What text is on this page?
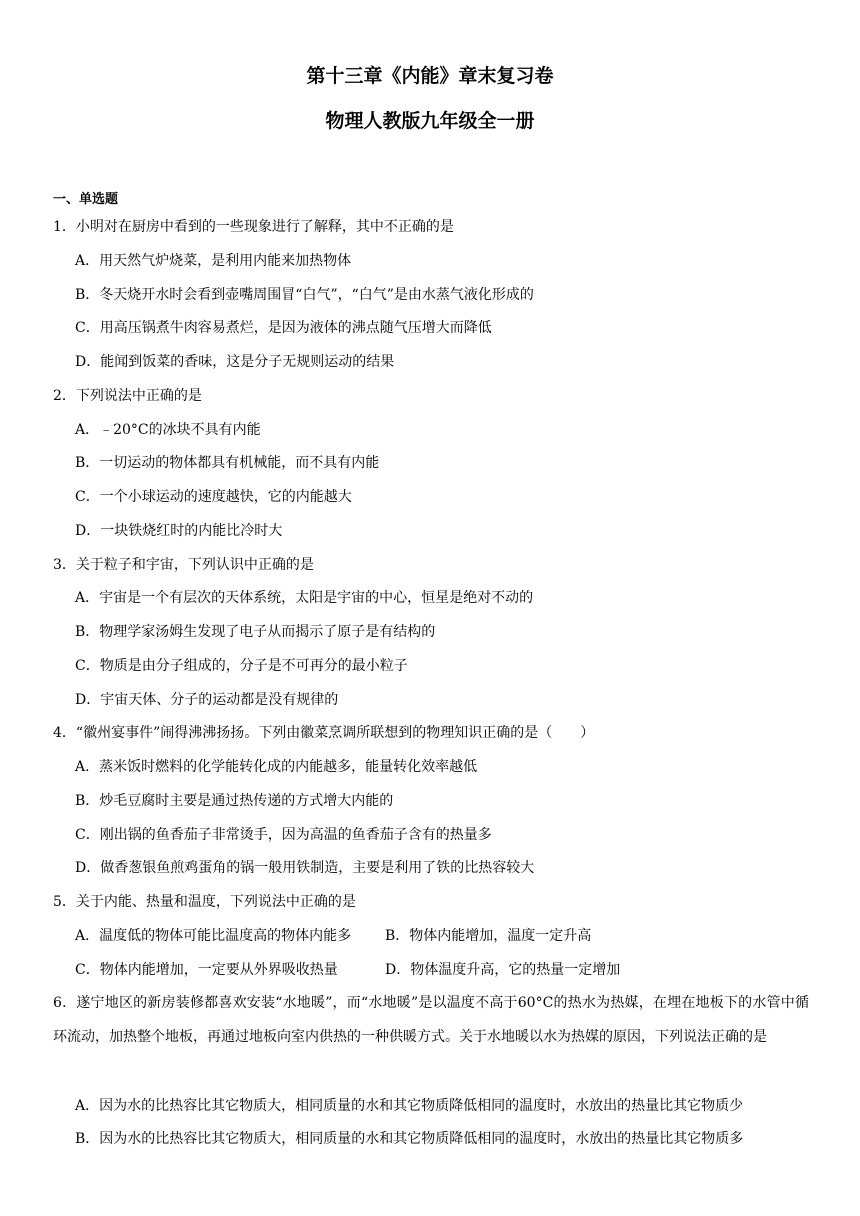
第十三章《内能》章末复习卷
物理人教版九年级全一册
一、单选题
1．小明对在厨房中看到的一些现象进行了解释，其中不正确的是
A．用天然气炉烧菜，是利用内能来加热物体
B．冬天烧开水时会看到壶嘴周围冒“白气”，“白气”是由水蒸气液化形成的
C．用高压锅煮牛肉容易煮烂，是因为液体的沸点随气压增大而降低
D．能闻到饭菜的香味，这是分子无规则运动的结果
2．下列说法中正确的是
A．﹣20°C的冰块不具有内能
B．一切运动的物体都具有机械能，而不具有内能
C．一个小球运动的速度越快，它的内能越大
D．一块铁烧红时的内能比冷时大
3．关于粒子和宇宙，下列认识中正确的是
A．宇宙是一个有层次的天体系统，太阳是宇宙的中心，恒星是绝对不动的
B．物理学家汤姆生发现了电子从而揭示了原子是有结构的
C．物质是由分子组成的，分子是不可再分的最小粒子
D．宇宙天体、分子的运动都是没有规律的
4．“徽州宴事件”闹得沸沸扬扬。下列由徽菜烹调所联想到的物理知识正确的是（　　）
A．蒸米饭时燃料的化学能转化成的内能越多，能量转化效率越低
B．炒毛豆腐时主要是通过热传递的方式增大内能的
C．刚出锅的鱼香茄子非常烫手，因为高温的鱼香茄子含有的热量多
D．做香葱银鱼煎鸡蛋角的锅一般用铁制造，主要是利用了铁的比热容较大
5．关于内能、热量和温度，下列说法中正确的是
A．温度低的物体可能比温度高的物体内能多 B．物体内能增加，温度一定升高
C．物体内能增加，一定要从外界吸收热量	D．物体温度升高，它的热量一定增加
6．遂宁地区的新房装修都喜欢安装“水地暖”，而“水地暖”是以温度不高于60°C的热水为热媒，在埋在地板下的水管中循环流动，加热整个地板，再通过地板向室内供热的一种供暖方式。关于水地暖以水为热媒的原因，下列说法正确的是
A．因为水的比热容比其它物质大，相同质量的水和其它物质降低相同的温度时，水放出的热量比其它物质少
B．因为水的比热容比其它物质大，相同质量的水和其它物质降低相同的温度时，水放出的热量比其它物质多
